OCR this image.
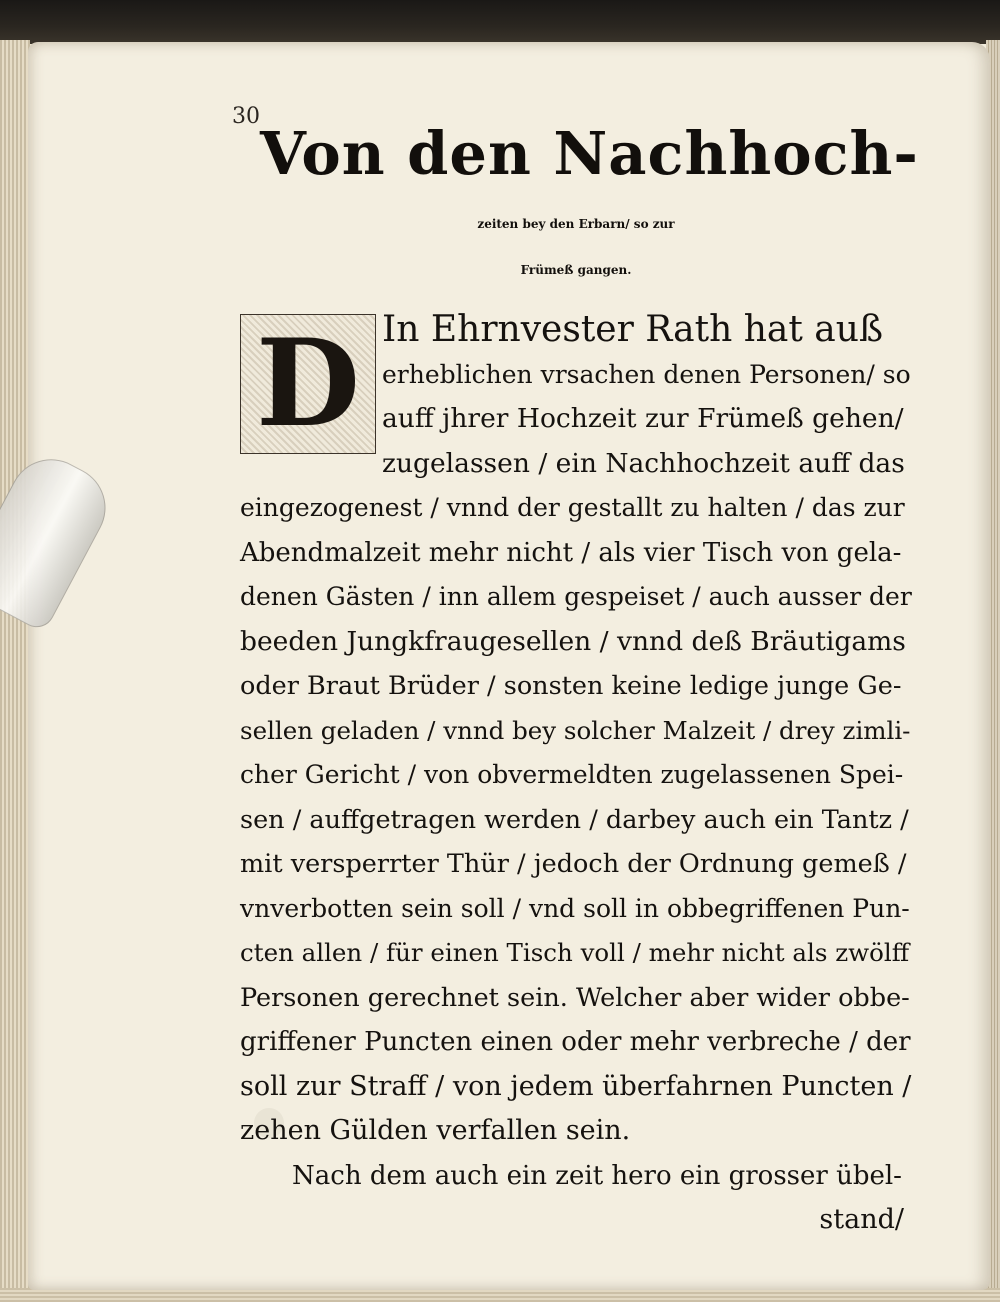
30
Von den Nachhoch-
zeiten bey den Erbarn/ so zur
Frümeß gangen.
D In Ehrnvester Rath hat auß
erheblichen vrsachen denen Personen/ so
auff jhrer Hochzeit zur Frümeß gehen/
zugelassen / ein Nachhochzeit auff das
eingezogenest / vnnd der gestallt zu halten / das zur
Abendmalzeit mehr nicht / als vier Tisch von gela-
denen Gästen / inn allem gespeiset / auch ausser der
beeden Jungkfraugesellen / vnnd deß Bräutigams
oder Braut Brüder / sonsten keine ledige junge Ge-
sellen geladen / vnnd bey solcher Malzeit / drey zimli-
cher Gericht / von obvermeldten zugelassenen Spei-
sen / auffgetragen werden / darbey auch ein Tantz /
mit versperrter Thür / jedoch der Ordnung gemeß /
vnverbotten sein soll / vnd soll in obbegriffenen Pun-
cten allen / für einen Tisch voll / mehr nicht als zwölff
Personen gerechnet sein. Welcher aber wider obbe-
griffener Puncten einen oder mehr verbreche / der
soll zur Straff / von jedem überfahrnen Puncten /
zehen Gülden verfallen sein.
Nach dem auch ein zeit hero ein grosser übel-
stand/
